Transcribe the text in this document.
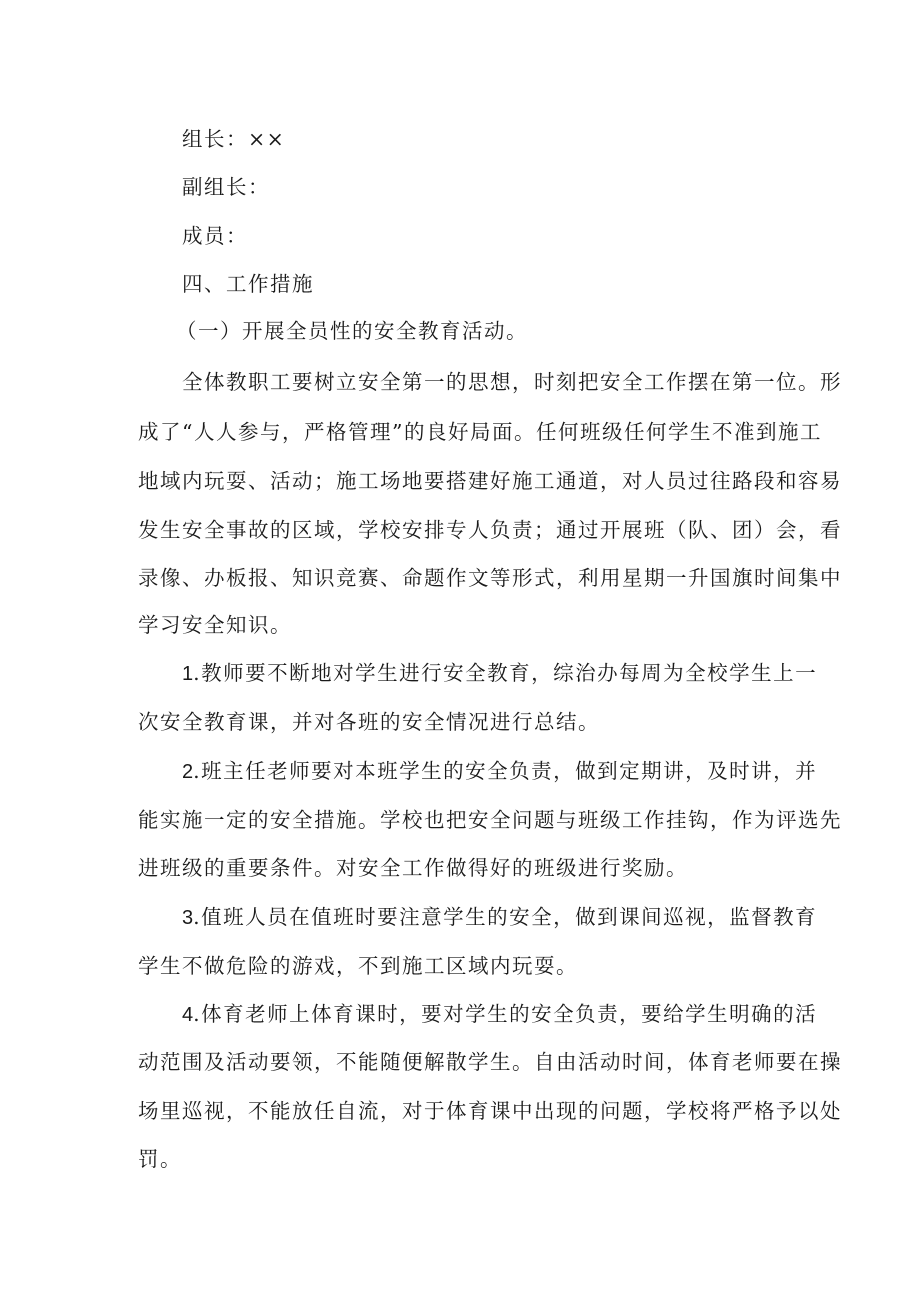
组长：××

副组长：

成员：

四、工作措施

（一）开展全员性的安全教育活动。

全体教职工要树立安全第一的思想，时刻把安全工作摆在第一位。形

成了“人人参与，严格管理”的良好局面。任何班级任何学生不准到施工

地域内玩耍、活动；施工场地要搭建好施工通道，对人员过往路段和容易

发生安全事故的区域，学校安排专人负责；通过开展班（队、团）会，看

录像、办板报、知识竞赛、命题作文等形式，利用星期一升国旗时间集中

学习安全知识。

1.教师要不断地对学生进行安全教育，综治办每周为全校学生上一

次安全教育课，并对各班的安全情况进行总结。

2.班主任老师要对本班学生的安全负责，做到定期讲，及时讲，并

能实施一定的安全措施。学校也把安全问题与班级工作挂钩，作为评选先

进班级的重要条件。对安全工作做得好的班级进行奖励。

3.值班人员在值班时要注意学生的安全，做到课间巡视，监督教育

学生不做危险的游戏，不到施工区域内玩耍。

4.体育老师上体育课时，要对学生的安全负责，要给学生明确的活

动范围及活动要领，不能随便解散学生。自由活动时间，体育老师要在操

场里巡视，不能放任自流，对于体育课中出现的问题，学校将严格予以处

罚。
